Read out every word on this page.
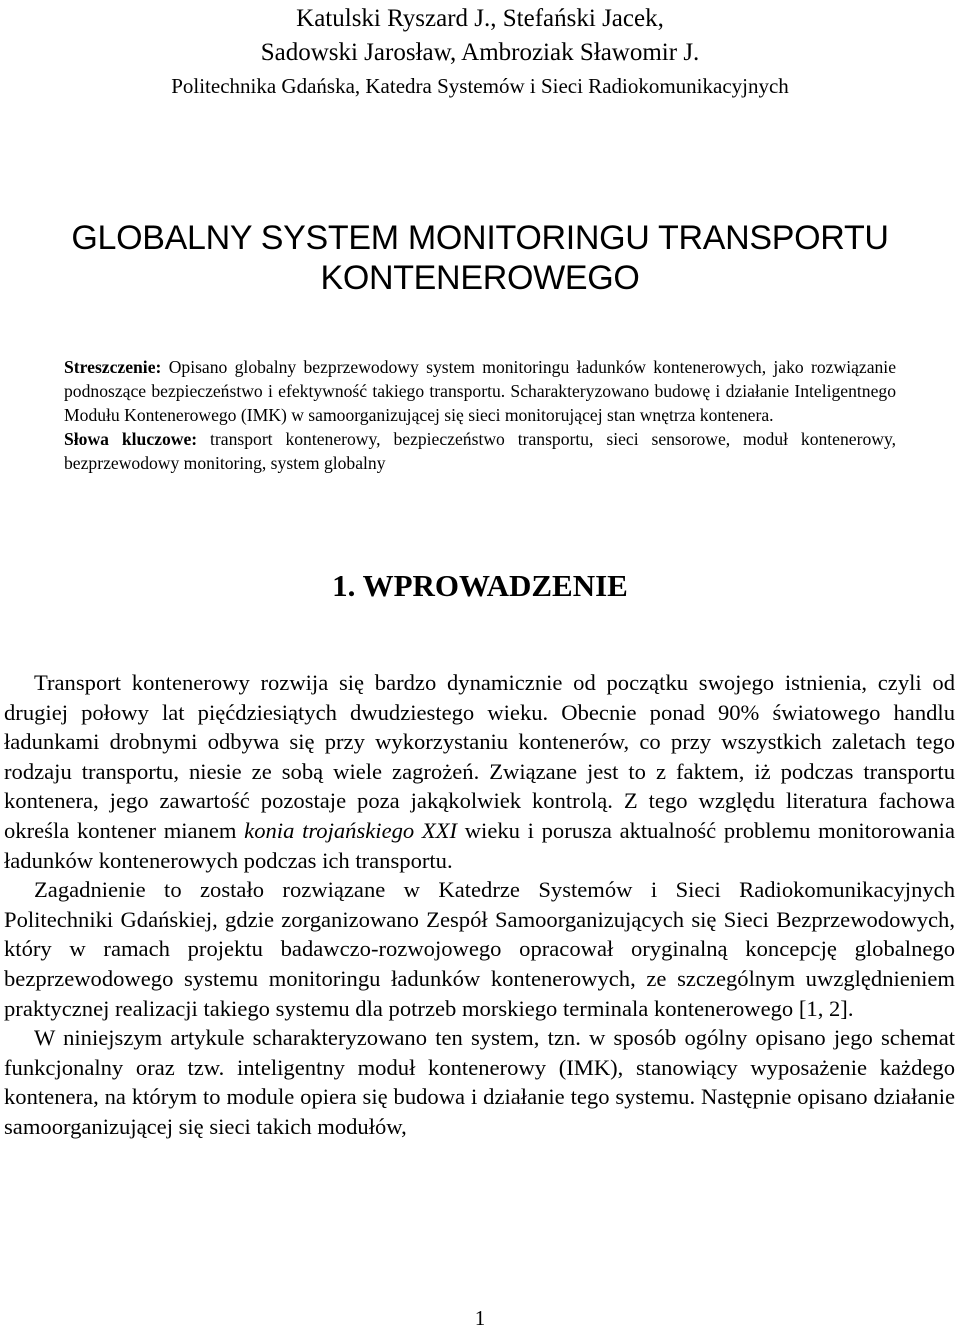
Katulski Ryszard J., Stefański Jacek,
Sadowski Jarosław, Ambroziak Sławomir J.
Politechnika Gdańska, Katedra Systemów i Sieci Radiokomunikacyjnych
GLOBALNY SYSTEM MONITORINGU TRANSPORTU
KONTENEROWEGO

Streszczenie: Opisano globalny bezprzewodowy system monitoringu ładunków kontenerowych, jako rozwiązanie podnoszące bezpieczeństwo i efektywność takiego transportu. Scharakteryzowano budowę i działanie Inteligentnego Modułu Kontenerowego (IMK) w samoorganizującej się sieci monitorującej stan wnętrza kontenera.

Słowa kluczowe: transport kontenerowy, bezpieczeństwo transportu, sieci sensorowe, moduł kontenerowy, bezprzewodowy monitoring, system globalny

1. WPROWADZENIE

Transport kontenerowy rozwija się bardzo dynamicznie od początku swojego istnienia, czyli od drugiej połowy lat pięćdziesiątych dwudziestego wieku. Obecnie ponad 90% światowego handlu ładunkami drobnymi odbywa się przy wykorzystaniu kontenerów, co przy wszystkich zaletach tego rodzaju transportu, niesie ze sobą wiele zagrożeń. Związane jest to z faktem, iż podczas transportu kontenera, jego zawartość pozostaje poza jakąkolwiek kontrolą. Z tego względu literatura fachowa określa kontener mianem konia trojańskiego XXI wieku i porusza aktualność problemu monitorowania ładunków kontenerowych podczas ich transportu.

Zagadnienie to zostało rozwiązane w Katedrze Systemów i Sieci Radiokomunikacyjnych Politechniki Gdańskiej, gdzie zorganizowano Zespół Samoorganizujących się Sieci Bezprzewodowych, który w ramach projektu badawczo-rozwojowego opracował oryginalną koncepcję globalnego bezprzewodowego systemu monitoringu ładunków kontenerowych, ze szczególnym uwzględnieniem praktycznej realizacji takiego systemu dla potrzeb morskiego terminala kontenerowego [1, 2].

W niniejszym artykule scharakteryzowano ten system, tzn. w sposób ogólny opisano jego schemat funkcjonalny oraz tzw. inteligentny moduł kontenerowy (IMK), stanowiący wyposażenie każdego kontenera, na którym to module opiera się budowa i działanie tego systemu. Następnie opisano działanie samoorganizującej się sieci takich modułów,

1
